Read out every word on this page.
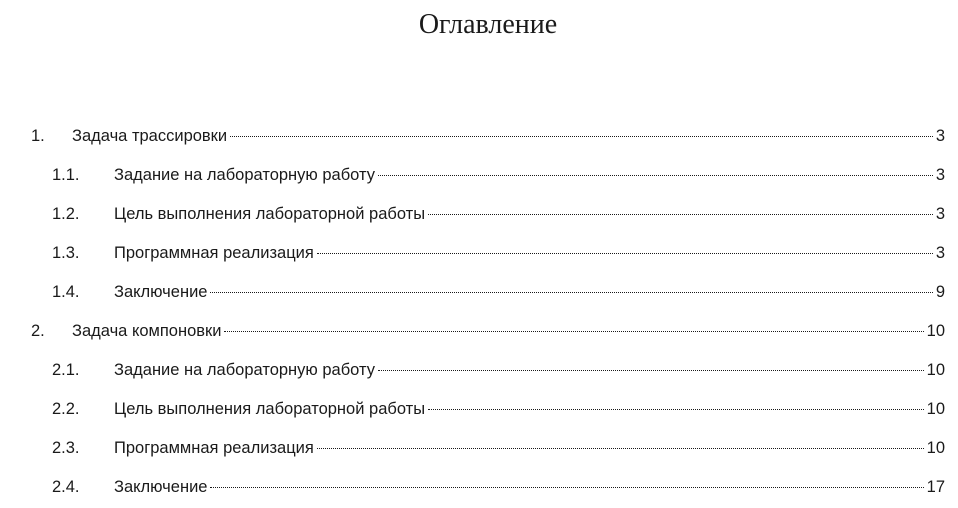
Оглавление
1. Задача трассировки	3
1.1. Задание на лабораторную работу	3
1.2. Цель выполнения лабораторной работы	3
1.3. Программная реализация	3
1.4. Заключение	9
2. Задача компоновки	10
2.1. Задание на лабораторную работу	10
2.2. Цель выполнения лабораторной работы	10
2.3. Программная реализация	10
2.4. Заключение	17
